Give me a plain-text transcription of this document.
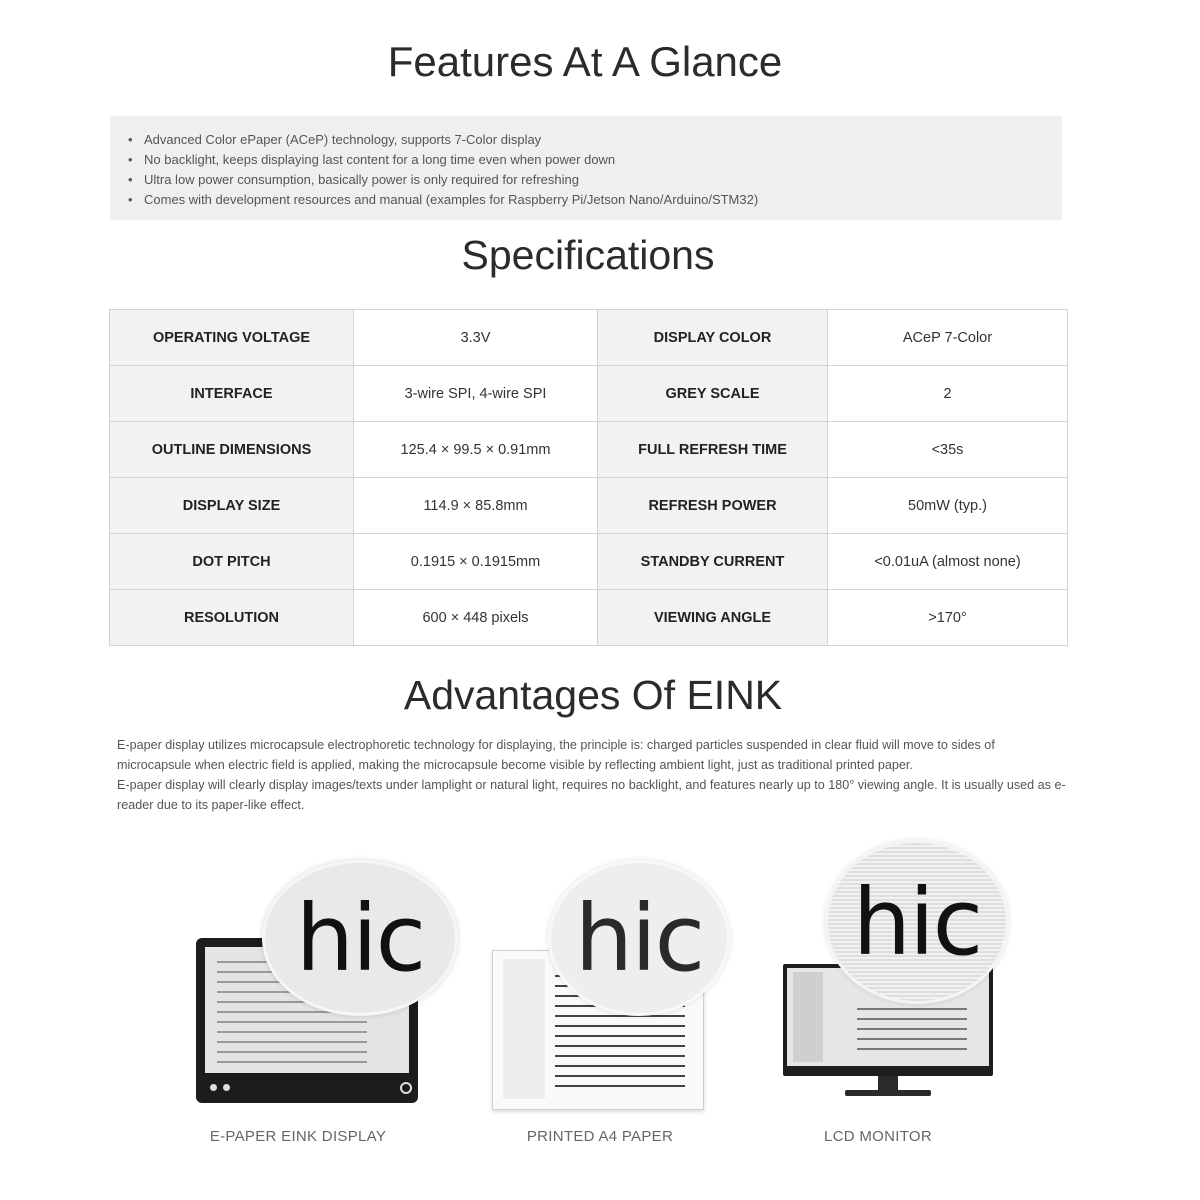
Features At A Glance
• Advanced Color ePaper (ACeP) technology, supports 7-Color display
• No backlight, keeps displaying last content for a long time even when power down
• Ultra low power consumption, basically power is only required for refreshing
• Comes with development resources and manual (examples for Raspberry Pi/Jetson Nano/Arduino/STM32)
Specifications
OPERATING VOLTAGE	3.3V	DISPLAY COLOR	ACeP 7-Color
INTERFACE	3-wire SPI, 4-wire SPI	GREY SCALE	2
OUTLINE DIMENSIONS	125.4 × 99.5 × 0.91mm	FULL REFRESH TIME	<35s
DISPLAY SIZE	114.9 × 85.8mm	REFRESH POWER	50mW (typ.)
DOT PITCH	0.1915 × 0.1915mm	STANDBY CURRENT	<0.01uA (almost none)
RESOLUTION	600 × 448 pixels	VIEWING ANGLE	>170°
Advantages Of EINK

E-paper display utilizes microcapsule electrophoretic technology for displaying, the principle is: charged particles suspended in clear fluid will move to sides of microcapsule when electric field is applied, making the microcapsule become visible by reflecting ambient light, just as traditional printed paper.

E-paper display will clearly display images/texts under lamplight or natural light, requires no backlight, and features nearly up to 180° viewing angle. It is usually used as e-reader due to its paper-like effect.

hic
E-PAPER EINK DISPLAY
hic
PRINTED A4 PAPER
hic
LCD MONITOR
